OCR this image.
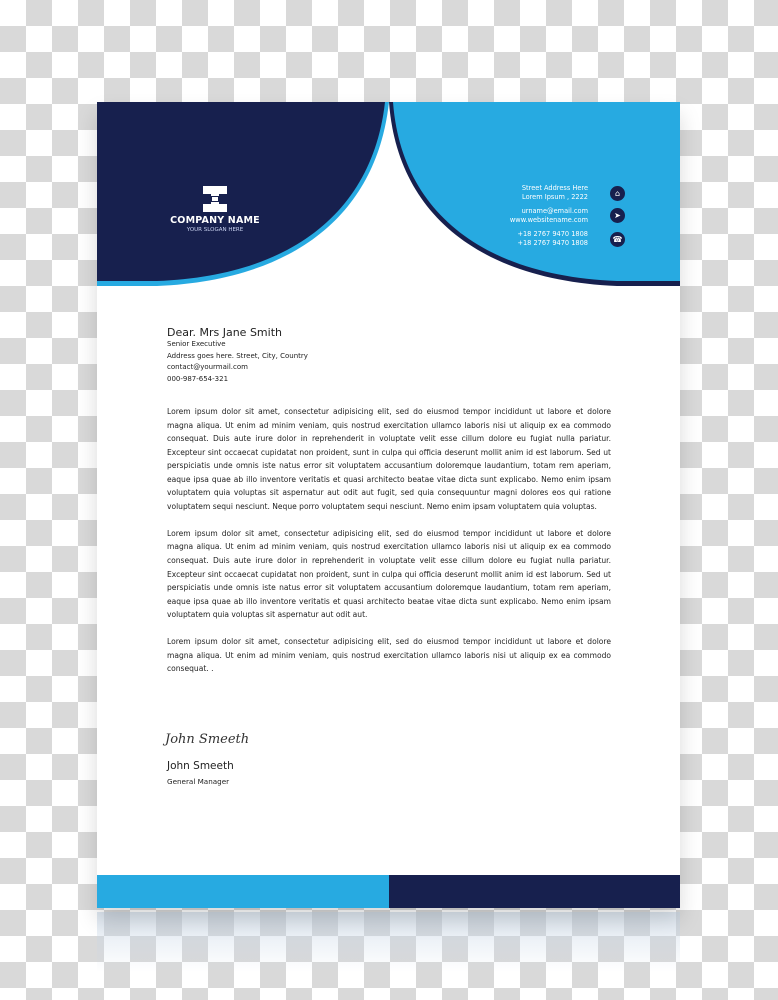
COMPANY NAME
YOUR SLOGAN HERE
Street Address Here
Lorem Ipsum , 2222
urname@email.com
www.websitename.com
+18 2767 9470 1808
+18 2767 9470 1808
⌂
➤
☎
Dear. Mrs Jane Smith
Senior Executive
Address goes here. Street, City, Country
contact@yourmail.com
000-987-654-321

Lorem ipsum dolor sit amet, consectetur adipisicing elit, sed do eiusmod tempor incididunt ut labore et dolore magna aliqua. Ut enim ad minim veniam, quis nostrud exercitation ullamco laboris nisi ut aliquip ex ea commodo consequat. Duis aute irure dolor in reprehenderit in voluptate velit esse cillum dolore eu fugiat nulla pariatur. Excepteur sint occaecat cupidatat non proident, sunt in culpa qui officia deserunt mollit anim id est laborum. Sed ut perspiciatis unde omnis iste natus error sit voluptatem accusantium doloremque laudantium, totam rem aperiam, eaque ipsa quae ab illo inventore veritatis et quasi architecto beatae vitae dicta sunt explicabo. Nemo enim ipsam voluptatem quia voluptas sit aspernatur aut odit aut fugit, sed quia consequuntur magni dolores eos qui ratione voluptatem sequi nesciunt. Neque porro voluptatem sequi nesciunt. Nemo enim ipsam voluptatem quia voluptas.

Lorem ipsum dolor sit amet, consectetur adipisicing elit, sed do eiusmod tempor incididunt ut labore et dolore magna aliqua. Ut enim ad minim veniam, quis nostrud exercitation ullamco laboris nisi ut aliquip ex ea commodo consequat. Duis aute irure dolor in reprehenderit in voluptate velit esse cillum dolore eu fugiat nulla pariatur. Excepteur sint occaecat cupidatat non proident, sunt in culpa qui officia deserunt mollit anim id est laborum. Sed ut perspiciatis unde omnis iste natus error sit voluptatem accusantium doloremque laudantium, totam rem aperiam, eaque ipsa quae ab illo inventore veritatis et quasi architecto beatae vitae dicta sunt explicabo. Nemo enim ipsam voluptatem quia voluptas sit aspernatur aut odit aut.

Lorem ipsum dolor sit amet, consectetur adipisicing elit, sed do eiusmod tempor incididunt ut labore et dolore magna aliqua. Ut enim ad minim veniam, quis nostrud exercitation ullamco laboris nisi ut aliquip ex ea commodo consequat. .

John Smeeth
John Smeeth
General Manager
